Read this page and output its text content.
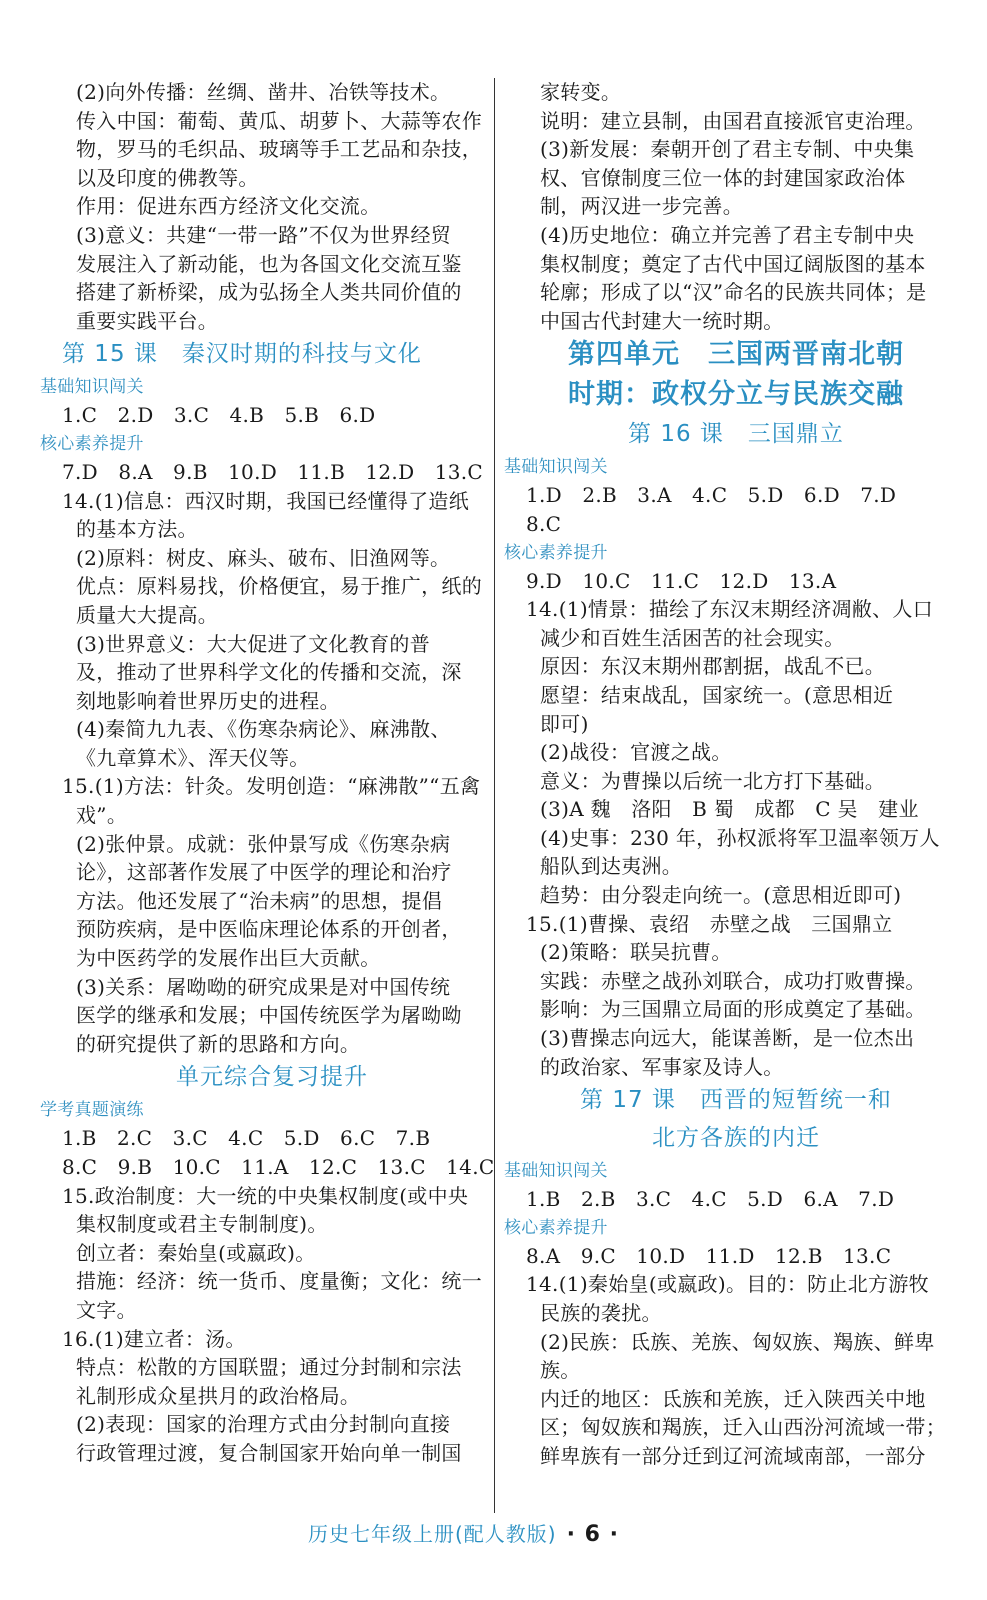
(2)向外传播：丝绸、凿井、冶铁等技术。
传入中国：葡萄、黄瓜、胡萝卜、大蒜等农作
物，罗马的毛织品、玻璃等手工艺品和杂技，
以及印度的佛教等。
作用：促进东西方经济文化交流。
(3)意义：共建“一带一路”不仅为世界经贸
发展注入了新动能，也为各国文化交流互鉴
搭建了新桥梁，成为弘扬全人类共同价值的
重要实践平台。
第 15 课　秦汉时期的科技与文化
基础知识闯关
1.C　2.D　3.C　4.B　5.B　6.D
核心素养提升
7.D　8.A　9.B　10.D　11.B　12.D　13.C
14.(1)信息：西汉时期，我国已经懂得了造纸
的基本方法。
(2)原料：树皮、麻头、破布、旧渔网等。
优点：原料易找，价格便宜，易于推广，纸的
质量大大提高。
(3)世界意义：大大促进了文化教育的普
及，推动了世界科学文化的传播和交流，深
刻地影响着世界历史的进程。
(4)秦简九九表、《伤寒杂病论》、麻沸散、
《九章算术》、浑天仪等。
15.(1)方法：针灸。发明创造：“麻沸散”“五禽
戏”。
(2)张仲景。成就：张仲景写成《伤寒杂病
论》，这部著作发展了中医学的理论和治疗
方法。他还发展了“治未病”的思想，提倡
预防疾病，是中医临床理论体系的开创者，
为中医药学的发展作出巨大贡献。
(3)关系：屠呦呦的研究成果是对中国传统
医学的继承和发展；中国传统医学为屠呦呦
的研究提供了新的思路和方向。
单元综合复习提升
学考真题演练
1.B　2.C　3.C　4.C　5.D　6.C　7.B
8.C　9.B　10.C　11.A　12.C　13.C　14.C
15.政治制度：大一统的中央集权制度(或中央
集权制度或君主专制制度)。
创立者：秦始皇(或嬴政)。
措施：经济：统一货币、度量衡；文化：统一
文字。
16.(1)建立者：汤。
特点：松散的方国联盟；通过分封制和宗法
礼制形成众星拱月的政治格局。
(2)表现：国家的治理方式由分封制向直接
行政管理过渡，复合制国家开始向单一制国
家转变。
说明：建立县制，由国君直接派官吏治理。
(3)新发展：秦朝开创了君主专制、中央集
权、官僚制度三位一体的封建国家政治体
制，两汉进一步完善。
(4)历史地位：确立并完善了君主专制中央
集权制度；奠定了古代中国辽阔版图的基本
轮廓；形成了以“汉”命名的民族共同体；是
中国古代封建大一统时期。
第四单元　三国两晋南北朝
时期：政权分立与民族交融
第 16 课　三国鼎立
基础知识闯关
1.D　2.B　3.A　4.C　5.D　6.D　7.D
8.C
核心素养提升
9.D　10.C　11.C　12.D　13.A
14.(1)情景：描绘了东汉末期经济凋敝、人口
减少和百姓生活困苦的社会现实。
原因：东汉末期州郡割据，战乱不已。
愿望：结束战乱，国家统一。(意思相近
即可)
(2)战役：官渡之战。
意义：为曹操以后统一北方打下基础。
(3)A 魏　洛阳　B 蜀　成都　C 吴　建业
(4)史事：230 年，孙权派将军卫温率领万人
船队到达夷洲。
趋势：由分裂走向统一。(意思相近即可)
15.(1)曹操、袁绍　赤壁之战　三国鼎立
(2)策略：联吴抗曹。
实践：赤壁之战孙刘联合，成功打败曹操。
影响：为三国鼎立局面的形成奠定了基础。
(3)曹操志向远大，能谋善断，是一位杰出
的政治家、军事家及诗人。
第 17 课　西晋的短暂统一和
北方各族的内迁
基础知识闯关
1.B　2.B　3.C　4.C　5.D　6.A　7.D
核心素养提升
8.A　9.C　10.D　11.D　12.B　13.C
14.(1)秦始皇(或嬴政)。目的：防止北方游牧
民族的袭扰。
(2)民族：氐族、羌族、匈奴族、羯族、鲜卑
族。
内迁的地区：氐族和羌族，迁入陕西关中地
区；匈奴族和羯族，迁入山西汾河流域一带；
鲜卑族有一部分迁到辽河流域南部，一部分
历史七年级上册(配人教版) · 6 ·
